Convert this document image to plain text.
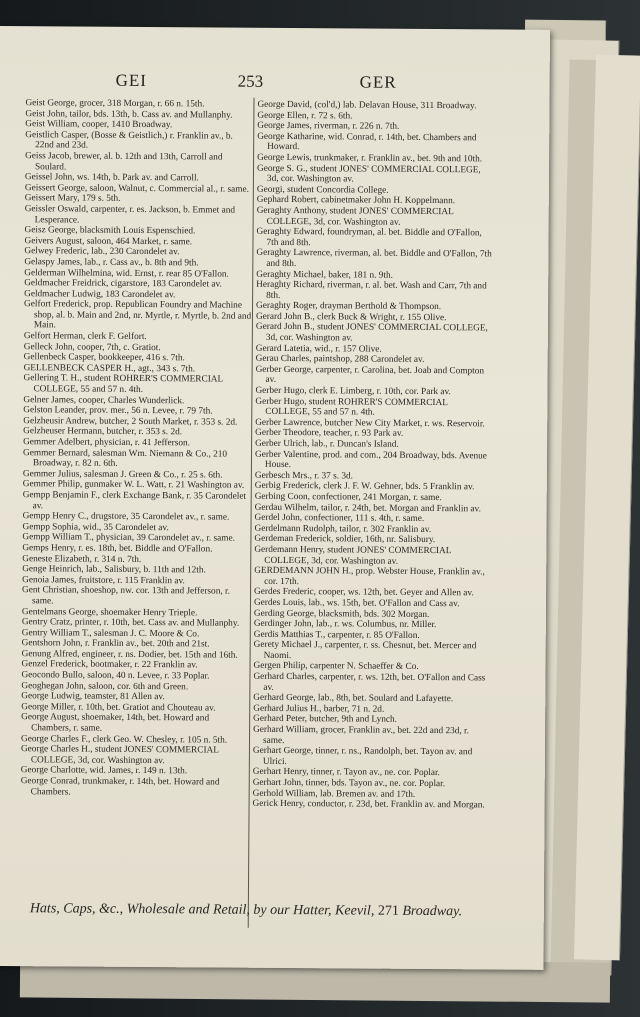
GEI	253	GER

Geist George, grocer, 318 Morgan, r. 66 n. 15th.

Geist John, tailor, bds. 13th, b. Cass av. and Mullanphy.

Geist William, cooper, 1410 Broadway.

Geistlich Casper, (Bosse & Geistlich,) r. Franklin av., b. 22nd and 23d.

Geiss Jacob, brewer, al. b. 12th and 13th, Carroll and Soulard.

Geissel John, ws. 14th, b. Park av. and Carroll.

Geissert George, saloon, Walnut, c. Commercial al., r. same.

Geissert Mary, 179 s. 5th.

Geissler Oswald, carpenter, r. es. Jackson, b. Emmet and Lesperance.

Geisz George, blacksmith Louis Espenschied.

Geivers August, saloon, 464 Market, r. same.

Gelwey Frederic, lab., 230 Carondelet av.

Gelaspy James, lab., r. Cass av., b. 8th and 9th.

Gelderman Wilhelmina, wid. Ernst, r. rear 85 O'Fallon.

Geldmacher Freidrick, cigarstore, 183 Carondelet av.

Geldmacher Ludwig, 183 Carondelet av.

Gelfort Frederick, prop. Republican Foundry and Machine shop, al. b. Main and 2nd, nr. Myrtle, r. Myrtle, b. 2nd and Main.

Gelfort Herman, clerk F. Gelfort.

Gelleck John, cooper, 7th, c. Gratiot.

Gellenbeck Casper, bookkeeper, 416 s. 7th.

GELLENBECK CASPER H., agt., 343 s. 7th.

Gellering T. H., student ROHRER'S COMMERCIAL COLLEGE, 55 and 57 n. 4th.

Gelner James, cooper, Charles Wunderlick.

Gelston Leander, prov. mer., 56 n. Levee, r. 79 7th.

Gelzheusir Andrew, butcher, 2 South Market, r. 353 s. 2d.

Gelzheuser Hermann, butcher, r. 353 s. 2d.

Gemmer Adelbert, physician, r. 41 Jefferson.

Gemmer Bernard, salesman Wm. Niemann & Co., 210 Broadway, r. 82 n. 6th.

Gemmer Julius, salesman J. Green & Co., r. 25 s. 6th.

Gemmer Philip, gunmaker W. L. Watt, r. 21 Washington av.

Gempp Benjamin F., clerk Exchange Bank, r. 35 Carondelet av.

Gempp Henry C., drugstore, 35 Carondelet av., r. same.

Gempp Sophia, wid., 35 Carondelet av.

Gempp William T., physician, 39 Carondelet av., r. same.

Gemps Henry, r. es. 18th, bet. Biddle and O'Fallon.

Geneste Elizabeth, r. 314 n. 7th.

Genge Heinrich, lab., Salisbury, b. 11th and 12th.

Genoia James, fruitstore, r. 115 Franklin av.

Gent Christian, shoeshop, nw. cor. 13th and Jefferson, r. same.

Gentelmans George, shoemaker Henry Trieple.

Gentry Cratz, printer, r. 10th, bet. Cass av. and Mullanphy.

Gentry William T., salesman J. C. Moore & Co.

Gentshorn John, r. Franklin av., bet. 20th and 21st.

Genung Alfred, engineer, r. ns. Dodier, bet. 15th and 16th.

Genzel Frederick, bootmaker, r. 22 Franklin av.

Geocondo Bullo, saloon, 40 n. Levee, r. 33 Poplar.

Geoghegan John, saloon, cor. 6th and Green.

George Ludwig, teamster, 81 Allen av.

George Miller, r. 10th, bet. Gratiot and Chouteau av.

George August, shoemaker, 14th, bet. Howard and Chambers, r. same.

George Charles F., clerk Geo. W. Chesley, r. 105 n. 5th.

George Charles H., student JONES' COMMERCIAL COLLEGE, 3d, cor. Washington av.

George Charlotte, wid. James, r. 149 n. 13th.

George Conrad, trunkmaker, r. 14th, bet. Howard and Chambers.

George David, (col'd,) lab. Delavan House, 311 Broadway.

George Ellen, r. 72 s. 6th.

George James, riverman, r. 226 n. 7th.

George Katharine, wid. Conrad, r. 14th, bet. Chambers and Howard.

George Lewis, trunkmaker, r. Franklin av., bet. 9th and 10th.

George S. G., student JONES' COMMERCIAL COLLEGE, 3d, cor. Washington av.

Georgi, student Concordia College.

Gephard Robert, cabinetmaker John H. Koppelmann.

Geraghty Anthony, student JONES' COMMERCIAL COLLEGE, 3d, cor. Washington av.

Geraghty Edward, foundryman, al. bet. Biddle and O'Fallon, 7th and 8th.

Geraghty Lawrence, riverman, al. bet. Biddle and O'Fallon, 7th and 8th.

Geraghty Michael, baker, 181 n. 9th.

Heraghty Richard, riverman, r. al. bet. Wash and Carr, 7th and 8th.

Geraghty Roger, drayman Berthold & Thompson.

Gerard John B., clerk Buck & Wright, r. 155 Olive.

Gerard John B., student JONES' COMMERCIAL COLLEGE, 3d, cor. Washington av.

Gerard Latetia, wid., r. 157 Olive.

Gerau Charles, paintshop, 288 Carondelet av.

Gerber George, carpenter, r. Carolina, bet. Joab and Compton av.

Gerber Hugo, clerk E. Limberg, r. 10th, cor. Park av.

Gerber Hugo, student ROHRER'S COMMERCIAL COLLEGE, 55 and 57 n. 4th.

Gerber Lawrence, butcher New City Market, r. ws. Reservoir.

Gerber Theodore, teacher, r. 93 Park av.

Gerber Ulrich, lab., r. Duncan's Island.

Gerber Valentine, prod. and com., 204 Broadway, bds. Avenue House.

Gerbesch Mrs., r. 37 s. 3d.

Gerbig Frederick, clerk J. F. W. Gehner, bds. 5 Franklin av.

Gerbing Coon, confectioner, 241 Morgan, r. same.

Gerdau Wilhelm, tailor, r. 24th, bet. Morgan and Franklin av.

Gerdel John, confectioner, 111 s. 4th, r. same.

Gerdelmann Rudolph, tailor, r. 302 Franklin av.

Gerdeman Frederick, soldier, 16th, nr. Salisbury.

Gerdemann Henry, student JONES' COMMERCIAL COLLEGE, 3d, cor. Washington av.

GERDEMANN JOHN H., prop. Webster House, Franklin av., cor. 17th.

Gerdes Frederic, cooper, ws. 12th, bet. Geyer and Allen av.

Gerdes Louis, lab., ws. 15th, bet. O'Fallon and Cass av.

Gerding George, blacksmith, bds. 302 Morgan.

Gerdinger John, lab., r. ws. Columbus, nr. Miller.

Gerdis Matthias T., carpenter, r. 85 O'Fallon.

Gerety Michael J., carpenter, r. ss. Chesnut, bet. Mercer and Naomi.

Gergen Philip, carpenter N. Schaeffer & Co.

Gerhard Charles, carpenter, r. ws. 12th, bet. O'Fallon and Cass av.

Gerhard George, lab., 8th, bet. Soulard and Lafayette.

Gerhard Julius H., barber, 71 n. 2d.

Gerhard Peter, butcher, 9th and Lynch.

Gerhard William, grocer, Franklin av., bet. 22d and 23d, r. same.

Gerhart George, tinner, r. ns., Randolph, bet. Tayon av. and Ulrici.

Gerhart Henry, tinner, r. Tayon av., ne. cor. Poplar.

Gerhart John, tinner, bds. Tayon av., ne. cor. Poplar.

Gerhold William, lab. Bremen av. and 17th.

Gerick Henry, conductor, r. 23d, bet. Franklin av. and Morgan.

Hats, Caps, &c., Wholesale and Retail, by our Hatter, Keevil, 271 Broadway.
